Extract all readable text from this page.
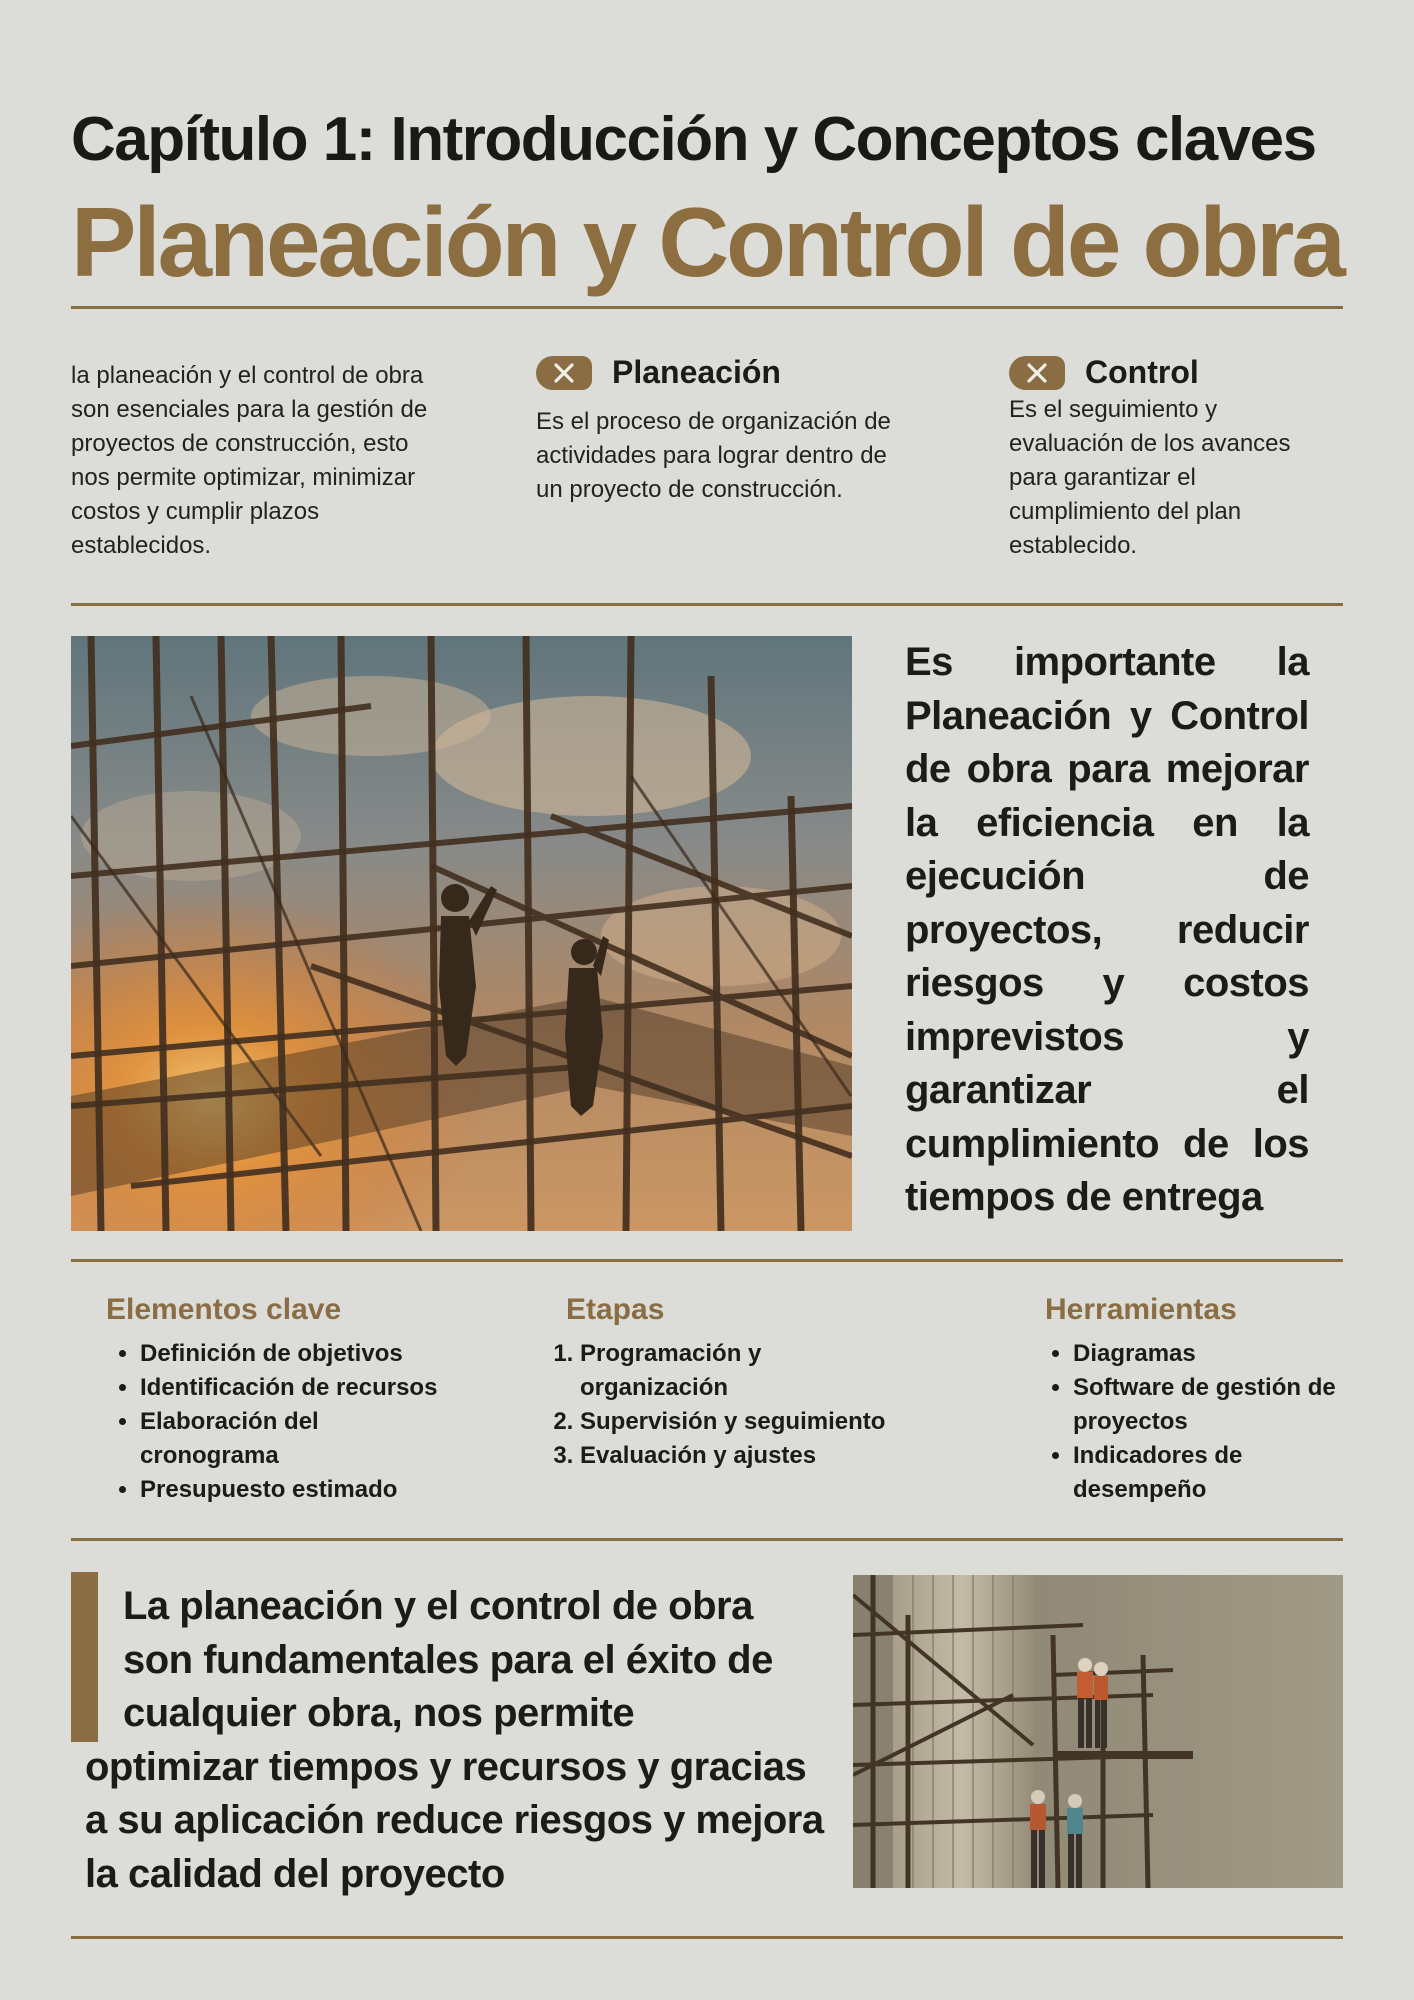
Capítulo 1: Introducción y Conceptos claves
Planeación y Control de obra
la planeación y el control de obra son esenciales para la gestión de proyectos de construcción, esto nos permite optimizar, minimizar costos y cumplir plazos establecidos.
Planeación
Es el proceso de organización de actividades para lograr dentro de un proyecto de construcción.
Control
Es el seguimiento y evaluación de los avances para garantizar el cumplimiento del plan establecido.
Es importante la Planeación y Control de obra para mejorar la eficiencia en la ejecución de proyectos, reducir riesgos y costos imprevistos y garantizar el cumplimiento de los tiempos de entrega
Elementos clave
• Definición de objetivos
• Identificación de recursos
• Elaboración del cronograma
• Presupuesto estimado
Etapas
1. Programación y organización
2. Supervisión y seguimiento
3. Evaluación y ajustes
Herramientas
• Diagramas
• Software de gestión de proyectos
• Indicadores de desempeño
La planeación y el control de obra
son fundamentales para el éxito de
cualquier obra, nos permite
optimizar tiempos y recursos y gracias a su aplicación reduce riesgos y mejora la calidad del proyecto
